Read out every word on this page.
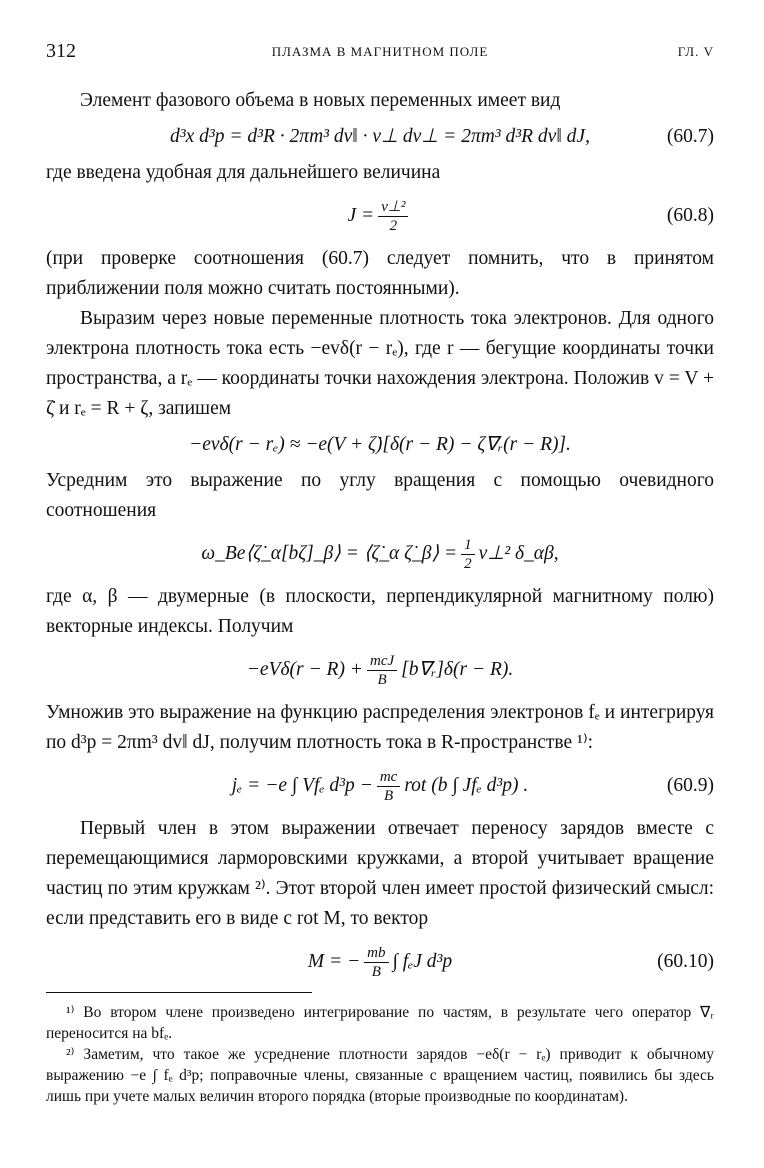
312	ПЛАЗМА В МАГНИТНОМ ПОЛЕ	ГЛ. V

Элемент фазового объема в новых переменных имеет вид

d³x d³p = d³R · 2πm³ dv‖ · v⊥ dv⊥ = 2πm³ d³R dv‖ dJ,	(60.7)

где введена удобная для дальнейшего величина

$J = \frac{\text{v⊥²}}{2}$	(60.8)

(при проверке соотношения (60.7) следует помнить, что в принятом приближении поля можно считать постоянными).

Выразим через новые переменные плотность тока электронов. Для одного электрона плотность тока есть −evδ(r − rₑ), где r — бегущие координаты точки пространства, а rₑ — координаты точки нахождения электрона. Положив v = V + ζ̇ и rₑ = R + ζ, запишем

−evδ(r − rₑ) ≈ −e(V + ζ̇)[δ(r − R) − ζ∇ᵣ(r − R)].

Усредним это выражение по углу вращения с помощью очевидного соотношения

ω_Be⟨ζ̇_α[bζ]_β⟩ = ⟨ζ̇_α ζ̇_β⟩ = $\frac{1}{2}$ v⊥² δ_αβ,

где α, β — двумерные (в плоскости, перпендикулярной магнитному полю) векторные индексы. Получим

$-eV\delta(r - R) + \frac{\text{mcJ}}{B}$ [b∇ᵣ]δ(r − R).

Умножив это выражение на функцию распределения электронов fₑ и интегрируя по d³p = 2πm³ dv‖ dJ, получим плотность тока в R-пространстве ¹⁾:

jₑ = −e ∫ Vfₑ $d^3p - \frac{mc}{B}$ rot (b ∫ Jfₑ d³p) .	(60.9)

Первый член в этом выражении отвечает переносу зарядов вместе с перемещающимися ларморовскими кружками, а второй учитывает вращение частиц по этим кружкам ²⁾. Этот второй член имеет простой физический смысл: если представить его в виде c rot M, то вектор

M = − $\frac{mb}{B}$ ∫ fₑJ d³p	(60.10)

¹⁾ Во втором члене произведено интегрирование по частям, в результате чего оператор ∇ᵣ переносится на bfₑ.

²⁾ Заметим, что такое же усреднение плотности зарядов −eδ(r − rₑ) приводит к обычному выражению −e ∫ fₑ d³p; поправочные члены, связанные с вращением частиц, появились бы здесь лишь при учете малых величин второго порядка (вторые производные по координатам).
